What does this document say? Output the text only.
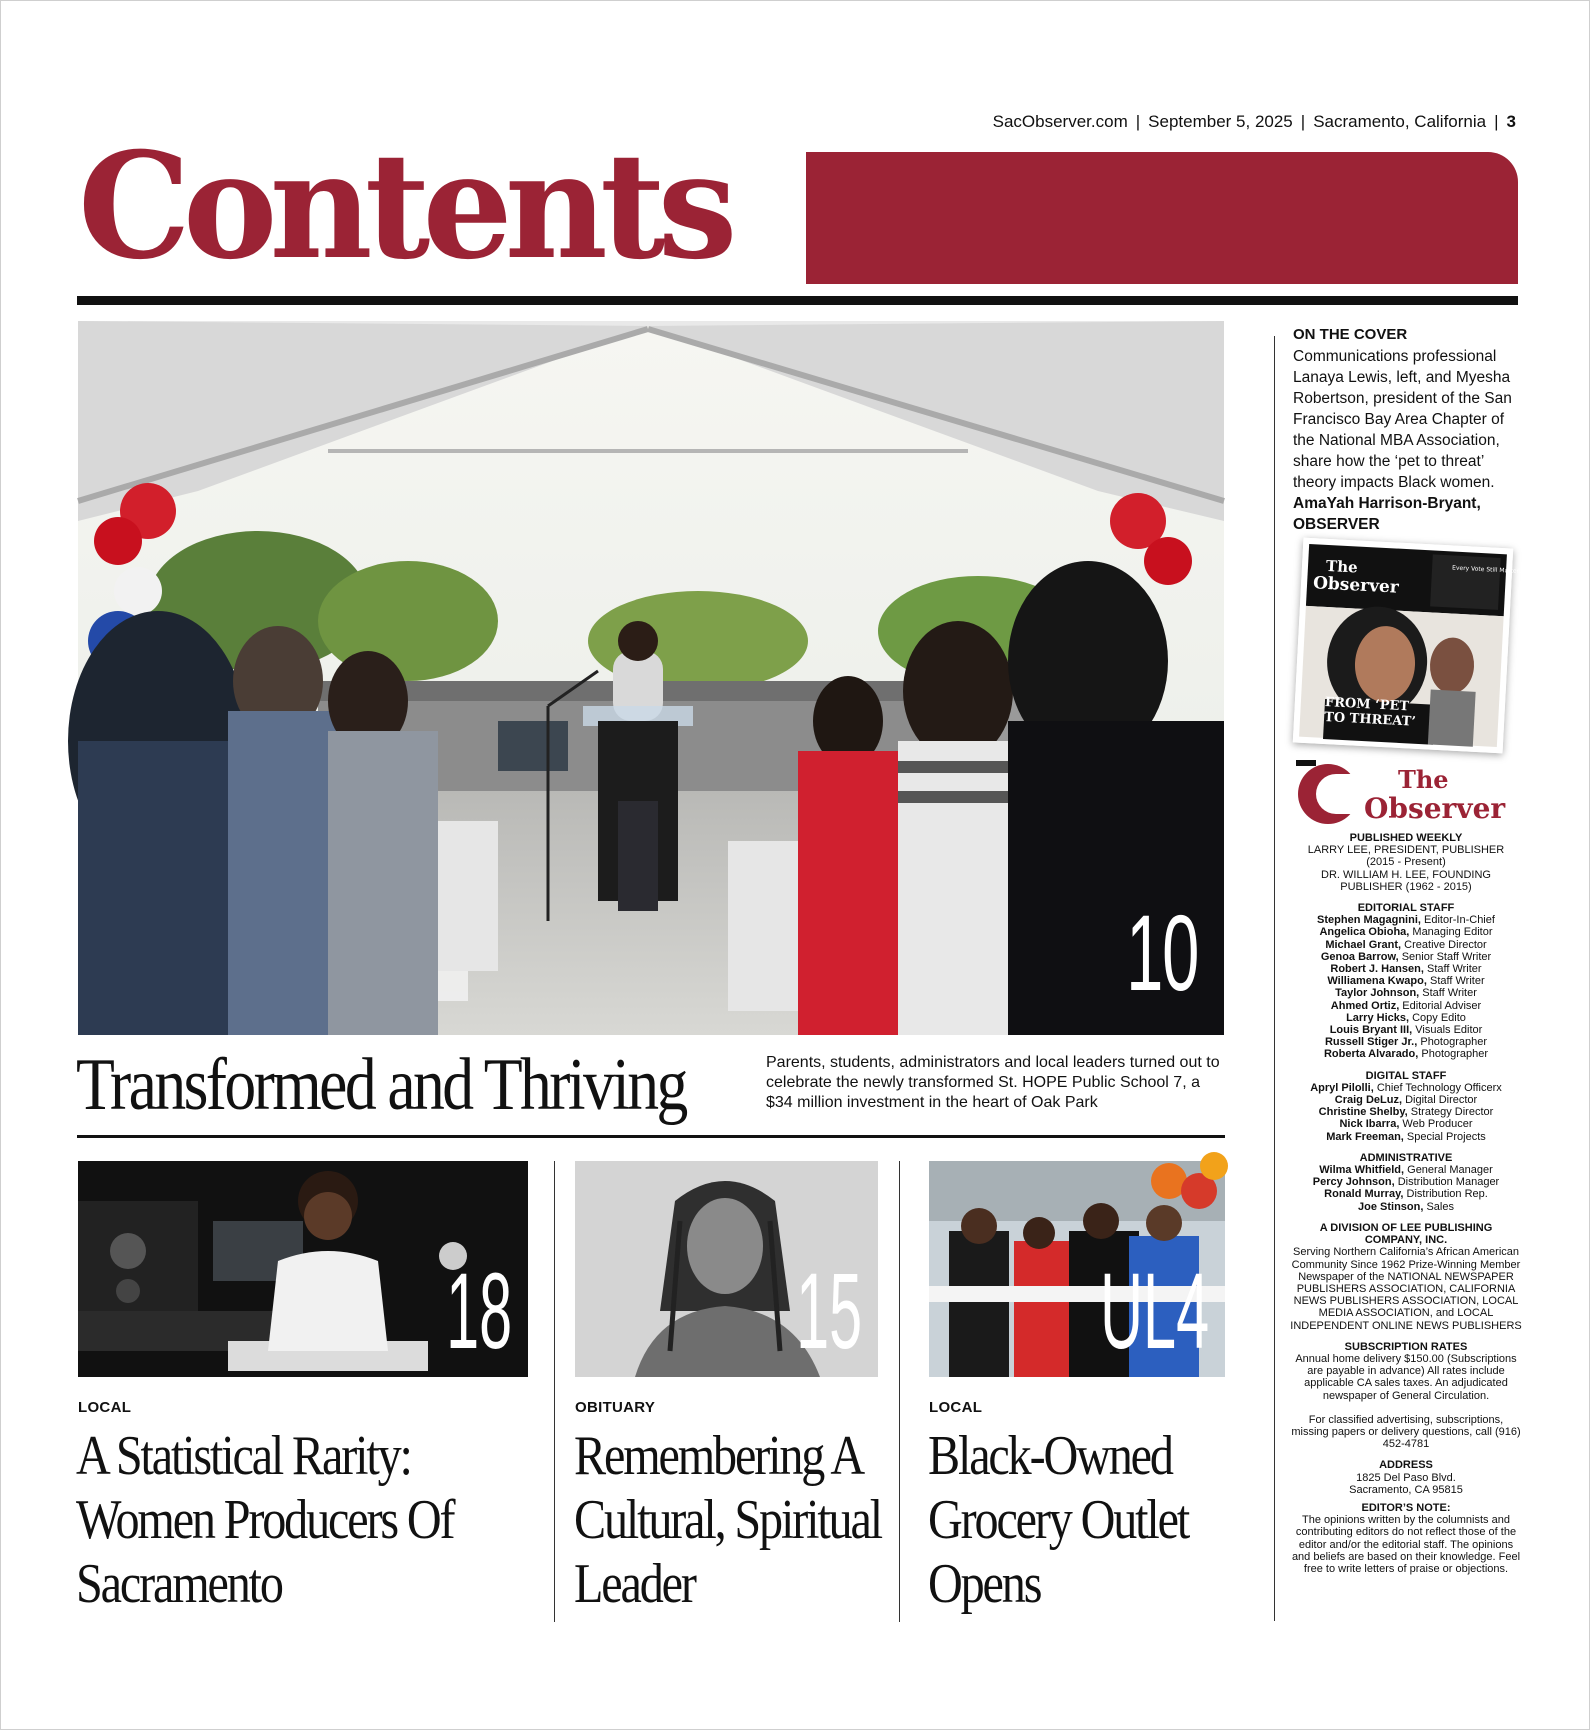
SacObserver.com | September 5, 2025 | Sacramento, California | 3
Contents
10
Transformed and Thriving	Parents, students, administrators and local leaders turned out to celebrate the newly transformed St. HOPE Public School 7, a $34 million investment in the heart of Oak Park
18
LOCAL
A Statistical Rarity:
Women Producers Of
Sacramento
15
OBITUARY
Remembering A
Cultural, Spiritual
Leader
UL4
LOCAL
Black-Owned
Grocery Outlet
Opens
ON THE COVER
Communications professional Lanaya Lewis, left, and Myesha Robertson, president of the San Francisco Bay Area Chapter of the National MBA Association, share how the ‘pet to threat’ theory impacts Black women.
AmaYah Harrison-Bryant, OBSERVER
The
Observer
Every Vote Still Matters
FROM ‘PET
TO THREAT’
The
Observer

PUBLISHED WEEKLY

LARRY LEE, PRESIDENT, PUBLISHER

(2015 - Present)

DR. WILLIAM H. LEE, FOUNDING

PUBLISHER (1962 - 2015)

EDITORIAL STAFF

Stephen Magagnini, Editor-In-Chief

Angelica Obioha, Managing Editor

Michael Grant, Creative Director

Genoa Barrow, Senior Staff Writer

Robert J. Hansen, Staff Writer

Williamena Kwapo, Staff Writer

Taylor Johnson, Staff Writer

Ahmed Ortiz, Editorial Adviser

Larry Hicks, Copy Edito

Louis Bryant III, Visuals Editor

Russell Stiger Jr., Photographer

Roberta Alvarado, Photographer

DIGITAL STAFF

Apryl Pilolli, Chief Technology Officerx

Craig DeLuz, Digital Director

Christine Shelby, Strategy Director

Nick Ibarra, Web Producer

Mark Freeman, Special Projects

ADMINISTRATIVE

Wilma Whitfield, General Manager

Percy Johnson, Distribution Manager

Ronald Murray, Distribution Rep.

Joe Stinson, Sales

A DIVISION OF LEE PUBLISHING COMPANY, INC.

Serving Northern California’s African American Community Since 1962 Prize-Winning Member Newspaper of the NATIONAL NEWSPAPER PUBLISHERS ASSOCIATION, CALIFORNIA NEWS PUBLISHERS ASSOCIATION, LOCAL MEDIA ASSOCIATION, and LOCAL INDEPENDENT ONLINE NEWS PUBLISHERS

SUBSCRIPTION RATES

Annual home delivery $150.00 (Subscriptions are payable in advance) All rates include applicable CA sales taxes. An adjudicated newspaper of General Circulation.

For classified advertising, subscriptions, missing papers or delivery questions, call (916) 452-4781

ADDRESS

1825 Del Paso Blvd.

Sacramento, CA 95815

EDITOR’S NOTE:

The opinions written by the columnists and contributing editors do not reflect those of the editor and/or the editorial staff. The opinions and beliefs are based on their knowledge. Feel free to write letters of praise or objections.
